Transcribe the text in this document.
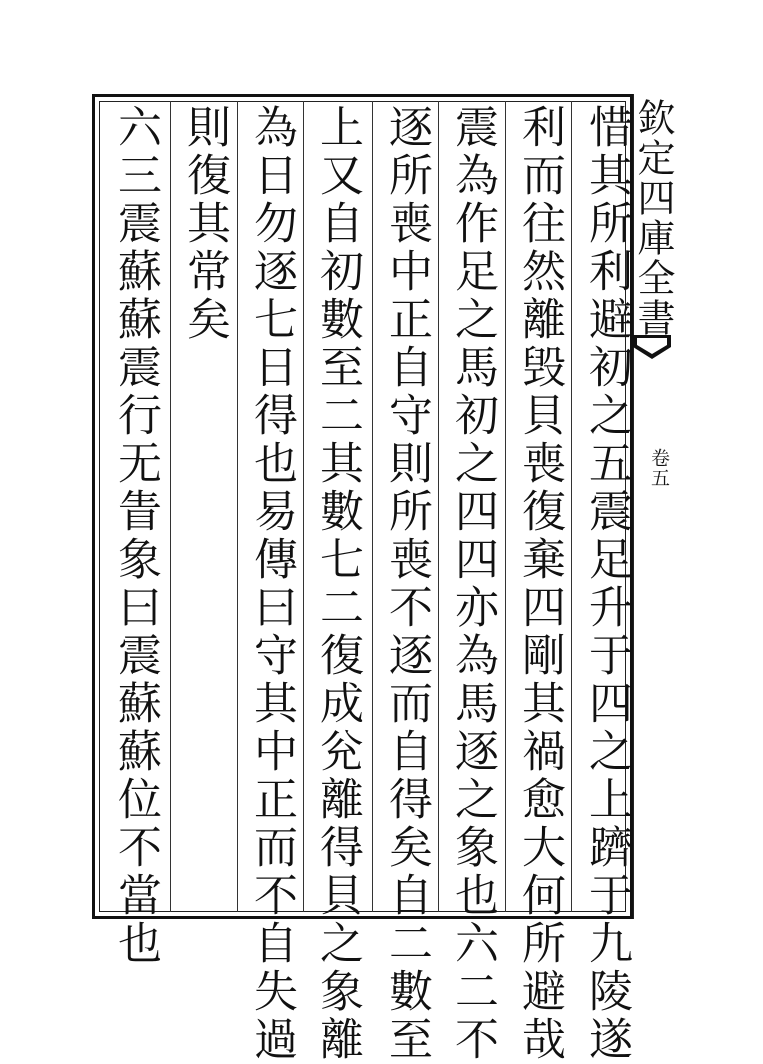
欽定四庫全書
卷五
惜其所利避初之五震足升于四之上躋于九陵遂
利而往然離毁貝喪復棄四剛其禍愈大何所避哉
震為作足之馬初之四四亦為馬逐之象也六二不
逐所喪中正自守則所喪不逐而自得矣自二數至
上又自初數至二其數七二復成兊離得貝之象離
為日勿逐七日得也易傳曰守其中正而不自失過
則復其常矣
六三震蘇蘇震行无眚象曰震蘇蘇位不當也
